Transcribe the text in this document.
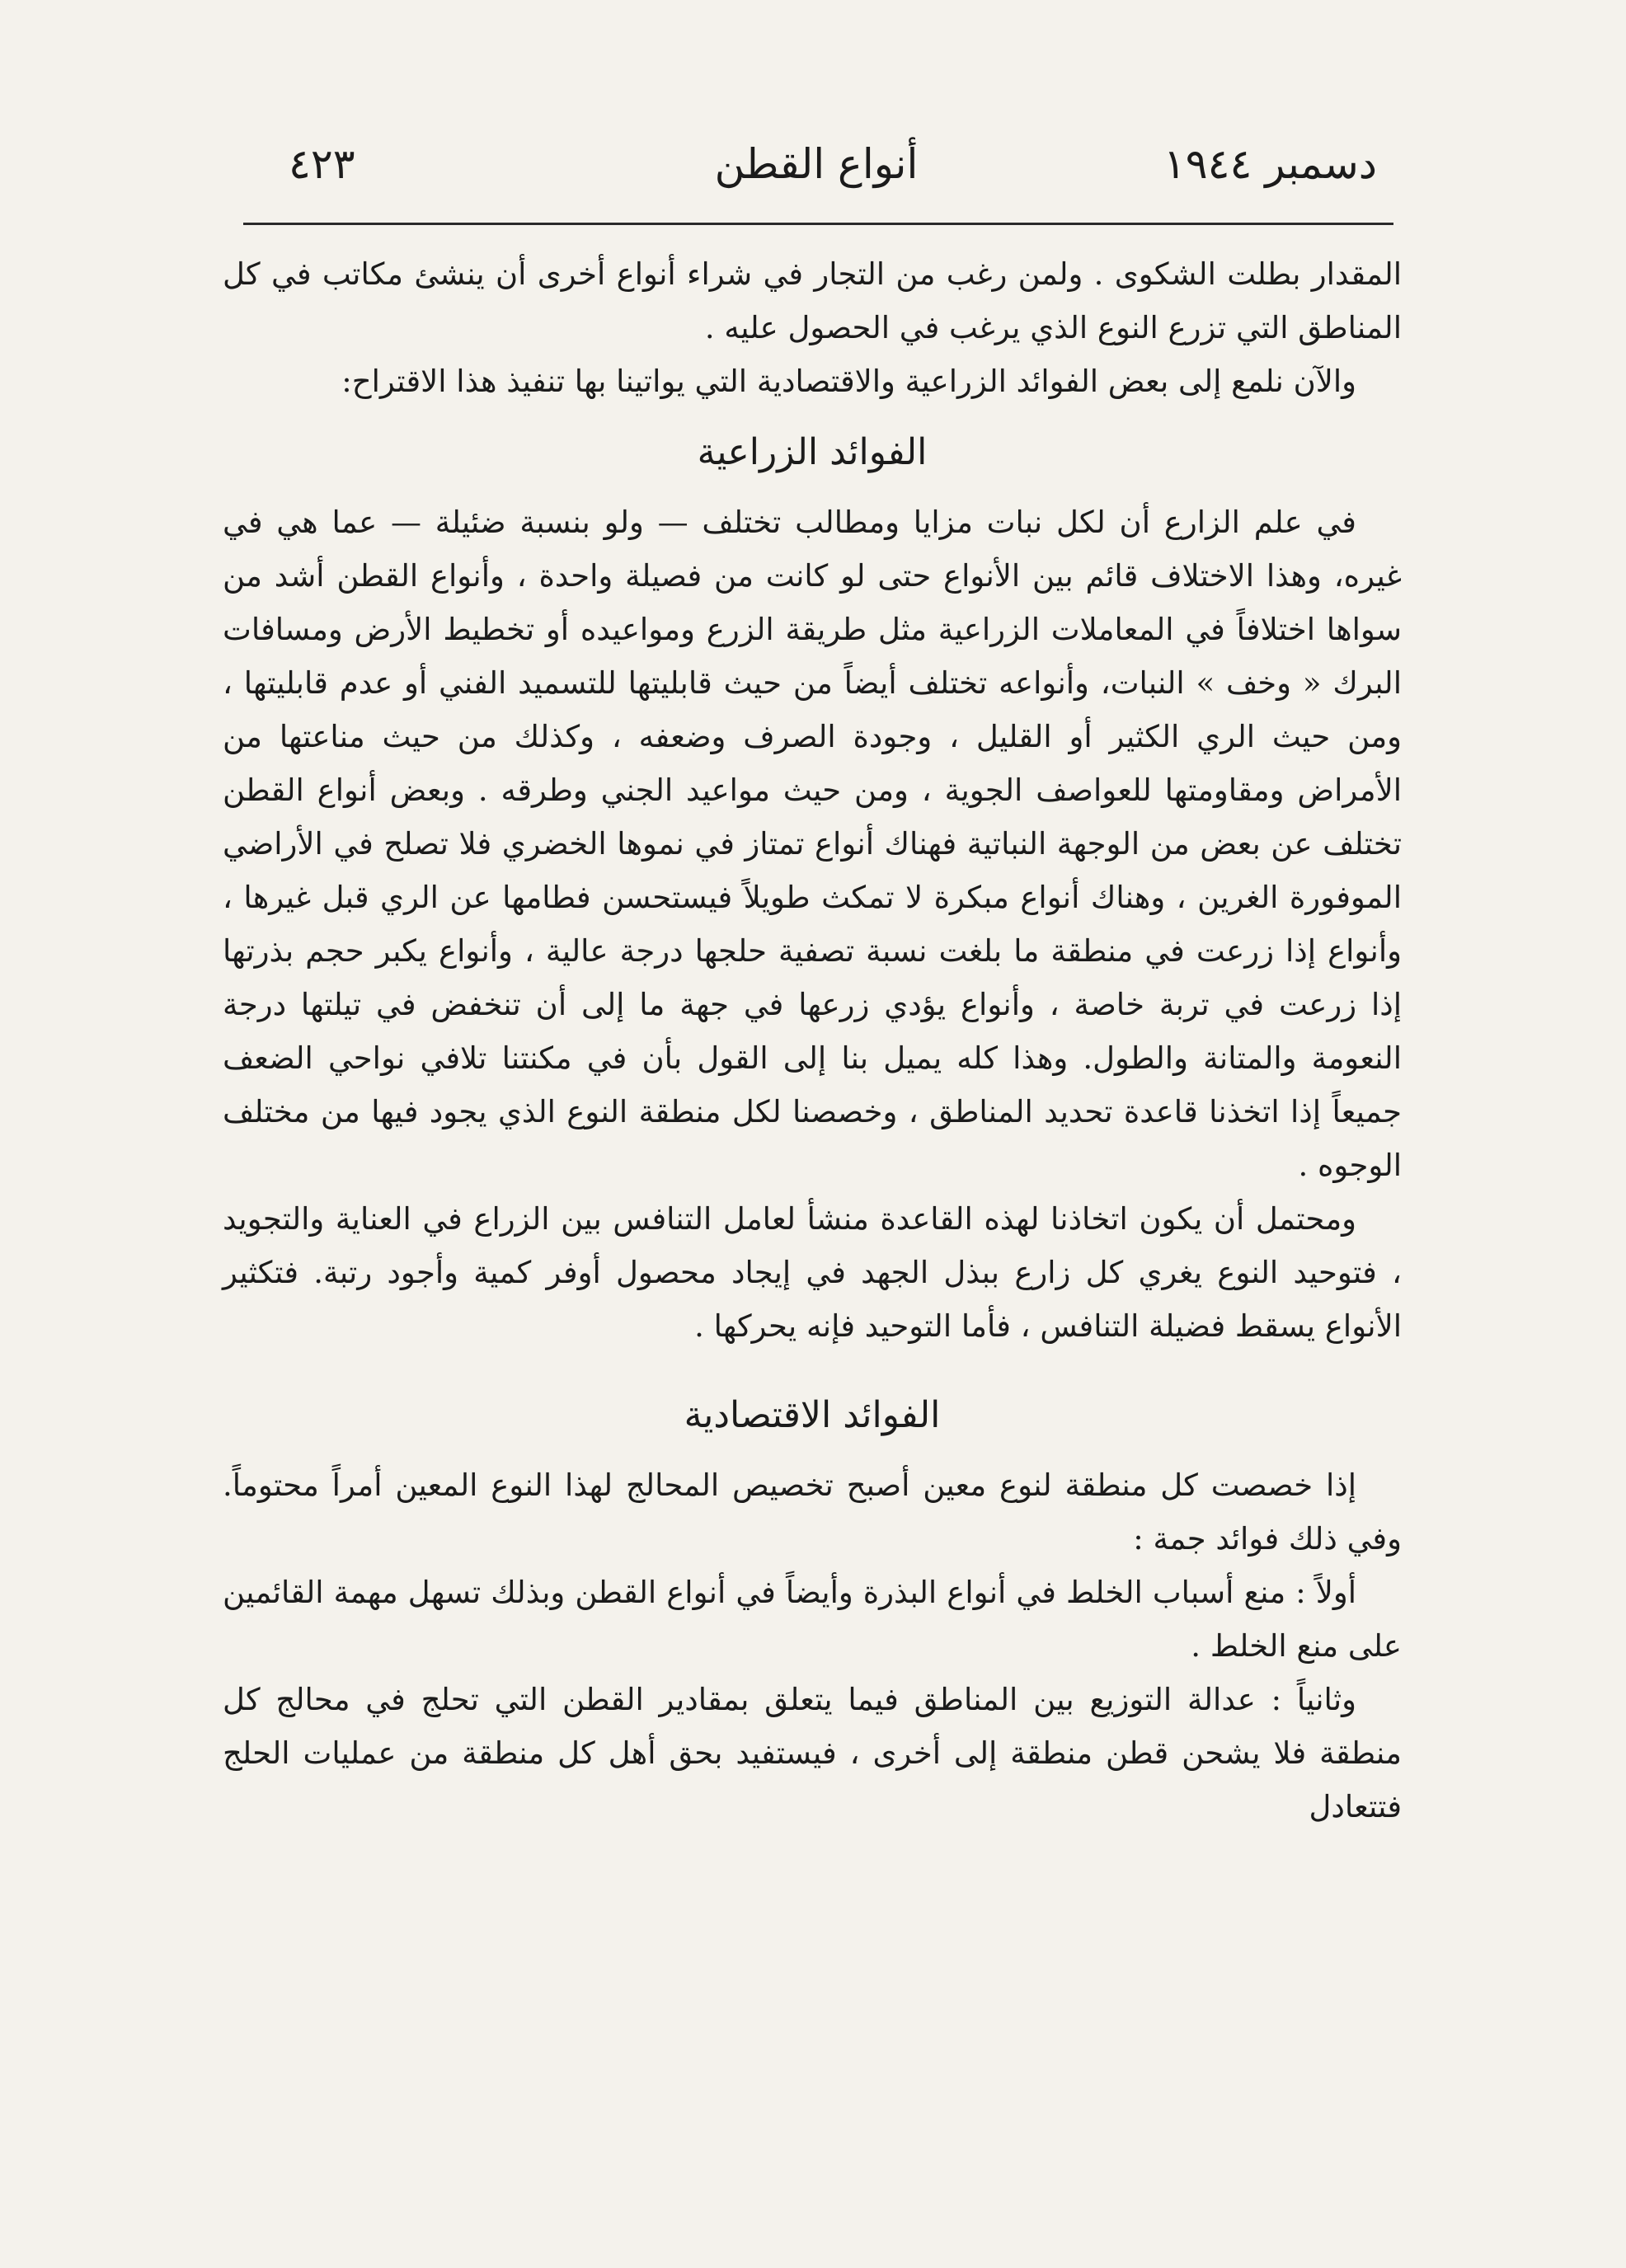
دسمبر ١٩٤٤
أنواع القطن
٤٢٣

المقدار بطلت الشكوى . ولمن رغب من التجار في شراء أنواع أخرى أن ينشئ مكاتب في كل المناطق التي تزرع النوع الذي يرغب في الحصول عليه .

والآن نلمع إلى بعض الفوائد الزراعية والاقتصادية التي يواتينا بها تنفيذ هذا الاقتراح:

الفوائد الزراعية

في علم الزارع أن لكل نبات مزايا ومطالب تختلف — ولو بنسبة ضئيلة — عما هي في غيره، وهذا الاختلاف قائم بين الأنواع حتى لو كانت من فصيلة واحدة ، وأنواع القطن أشد من سواها اختلافاً في المعاملات الزراعية مثل طريقة الزرع ومواعيده أو تخطيط الأرض ومسافات البرك « وخف » النبات، وأنواعه تختلف أيضاً من حيث قابليتها للتسميد الفني أو عدم قابليتها ، ومن حيث الري الكثير أو القليل ، وجودة الصرف وضعفه ، وكذلك من حيث مناعتها من الأمراض ومقاومتها للعواصف الجوية ، ومن حيث مواعيد الجني وطرقه . وبعض أنواع القطن تختلف عن بعض من الوجهة النباتية فهناك أنواع تمتاز في نموها الخضري فلا تصلح في الأراضي الموفورة الغرين ، وهناك أنواع مبكرة لا تمكث طويلاً فيستحسن فطامها عن الري قبل غيرها ، وأنواع إذا زرعت في منطقة ما بلغت نسبة تصفية حلجها درجة عالية ، وأنواع يكبر حجم بذرتها إذا زرعت في تربة خاصة ، وأنواع يؤدي زرعها في جهة ما إلى أن تنخفض في تيلتها درجة النعومة والمتانة والطول. وهذا كله يميل بنا إلى القول بأن في مكنتنا تلافي نواحي الضعف جميعاً إذا اتخذنا قاعدة تحديد المناطق ، وخصصنا لكل منطقة النوع الذي يجود فيها من مختلف الوجوه .

ومحتمل أن يكون اتخاذنا لهذه القاعدة منشأ لعامل التنافس بين الزراع في العناية والتجويد ، فتوحيد النوع يغري كل زارع ببذل الجهد في إيجاد محصول أوفر كمية وأجود رتبة. فتكثير الأنواع يسقط فضيلة التنافس ، فأما التوحيد فإنه يحركها .

الفوائد الاقتصادية

إذا خصصت كل منطقة لنوع معين أصبح تخصيص المحالج لهذا النوع المعين أمراً محتوماً. وفي ذلك فوائد جمة :

أولاً : منع أسباب الخلط في أنواع البذرة وأيضاً في أنواع القطن وبذلك تسهل مهمة القائمين على منع الخلط .

وثانياً : عدالة التوزيع بين المناطق فيما يتعلق بمقادير القطن التي تحلج في محالج كل منطقة فلا يشحن قطن منطقة إلى أخرى ، فيستفيد بحق أهل كل منطقة من عمليات الحلج فتتعادل
